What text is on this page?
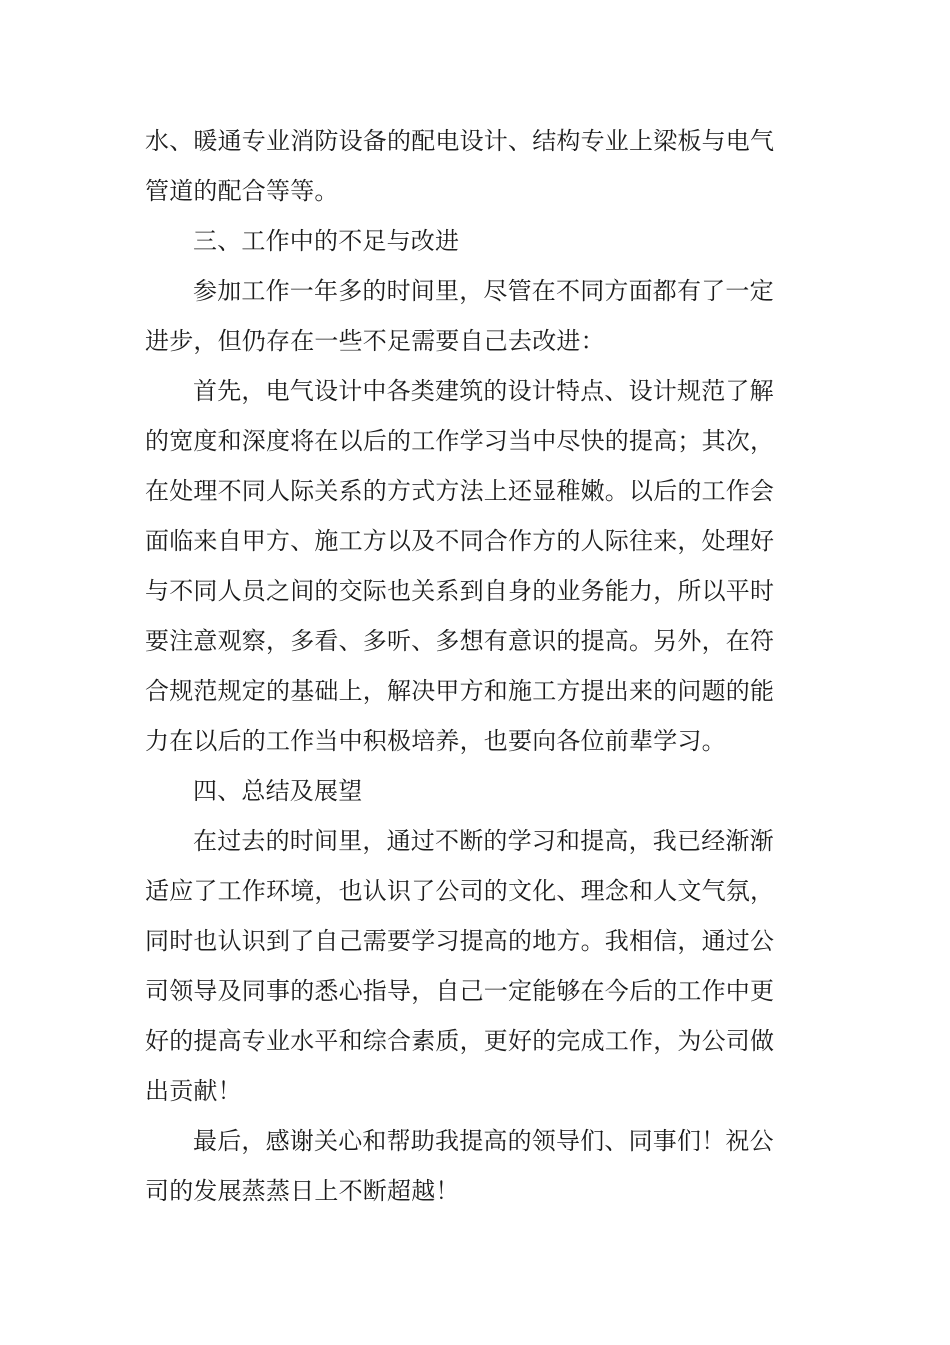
水、暖通专业消防设备的配电设计、结构专业上梁板与电气
管道的配合等等。
三、工作中的不足与改进
参加工作一年多的时间里，尽管在不同方面都有了一定
进步，但仍存在一些不足需要自己去改进：
首先，电气设计中各类建筑的设计特点、设计规范了解
的宽度和深度将在以后的工作学习当中尽快的提高；其次，
在处理不同人际关系的方式方法上还显稚嫩。以后的工作会
面临来自甲方、施工方以及不同合作方的人际往来，处理好
与不同人员之间的交际也关系到自身的业务能力，所以平时
要注意观察，多看、多听、多想有意识的提高。另外，在符
合规范规定的基础上，解决甲方和施工方提出来的问题的能
力在以后的工作当中积极培养，也要向各位前辈学习。
四、总结及展望
在过去的时间里，通过不断的学习和提高，我已经渐渐
适应了工作环境，也认识了公司的文化、理念和人文气氛，
同时也认识到了自己需要学习提高的地方。我相信，通过公
司领导及同事的悉心指导，自己一定能够在今后的工作中更
好的提高专业水平和综合素质，更好的完成工作，为公司做
出贡献！
最后，感谢关心和帮助我提高的领导们、同事们！祝公
司的发展蒸蒸日上不断超越！
